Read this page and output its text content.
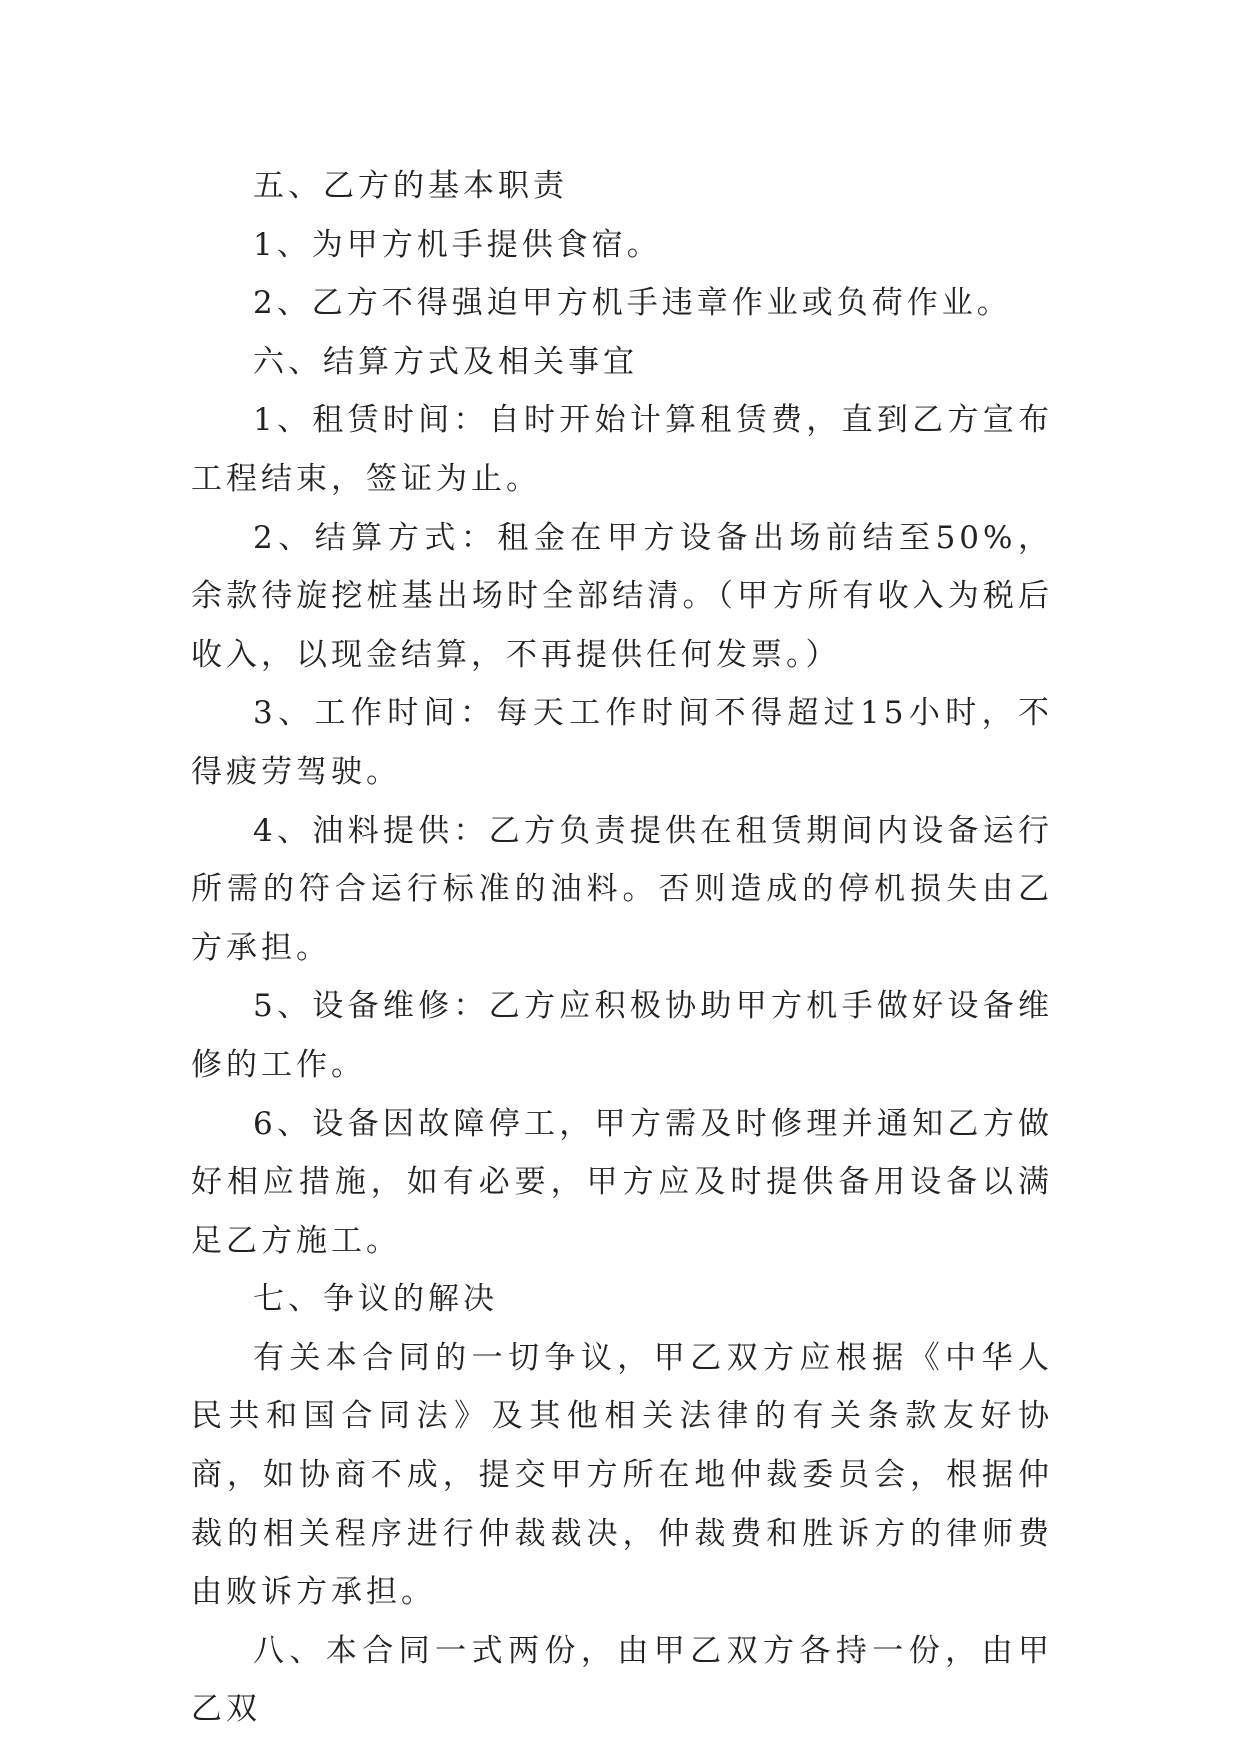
五、乙方的基本职责

1、为甲方机手提供食宿。

2、乙方不得强迫甲方机手违章作业或负荷作业。

六、结算方式及相关事宜

1、租赁时间：自时开始计算租赁费，直到乙方宣布工程结束，签证为止。

2、结算方式：租金在甲方设备出场前结至50%，余款待旋挖桩基出场时全部结清。（甲方所有收入为税后收入，以现金结算，不再提供任何发票。）

3、工作时间：每天工作时间不得超过15小时，不得疲劳驾驶。

4、油料提供：乙方负责提供在租赁期间内设备运行所需的符合运行标准的油料。否则造成的停机损失由乙方承担。

5、设备维修：乙方应积极协助甲方机手做好设备维修的工作。

6、设备因故障停工，甲方需及时修理并通知乙方做好相应措施，如有必要，甲方应及时提供备用设备以满足乙方施工。

七、争议的解决

有关本合同的一切争议，甲乙双方应根据《中华人民共和国合同法》及其他相关法律的有关条款友好协商，如协商不成，提交甲方所在地仲裁委员会，根据仲裁的相关程序进行仲裁裁决，仲裁费和胜诉方的律师费由败诉方承担。

八、本合同一式两份，由甲乙双方各持一份，由甲乙双
